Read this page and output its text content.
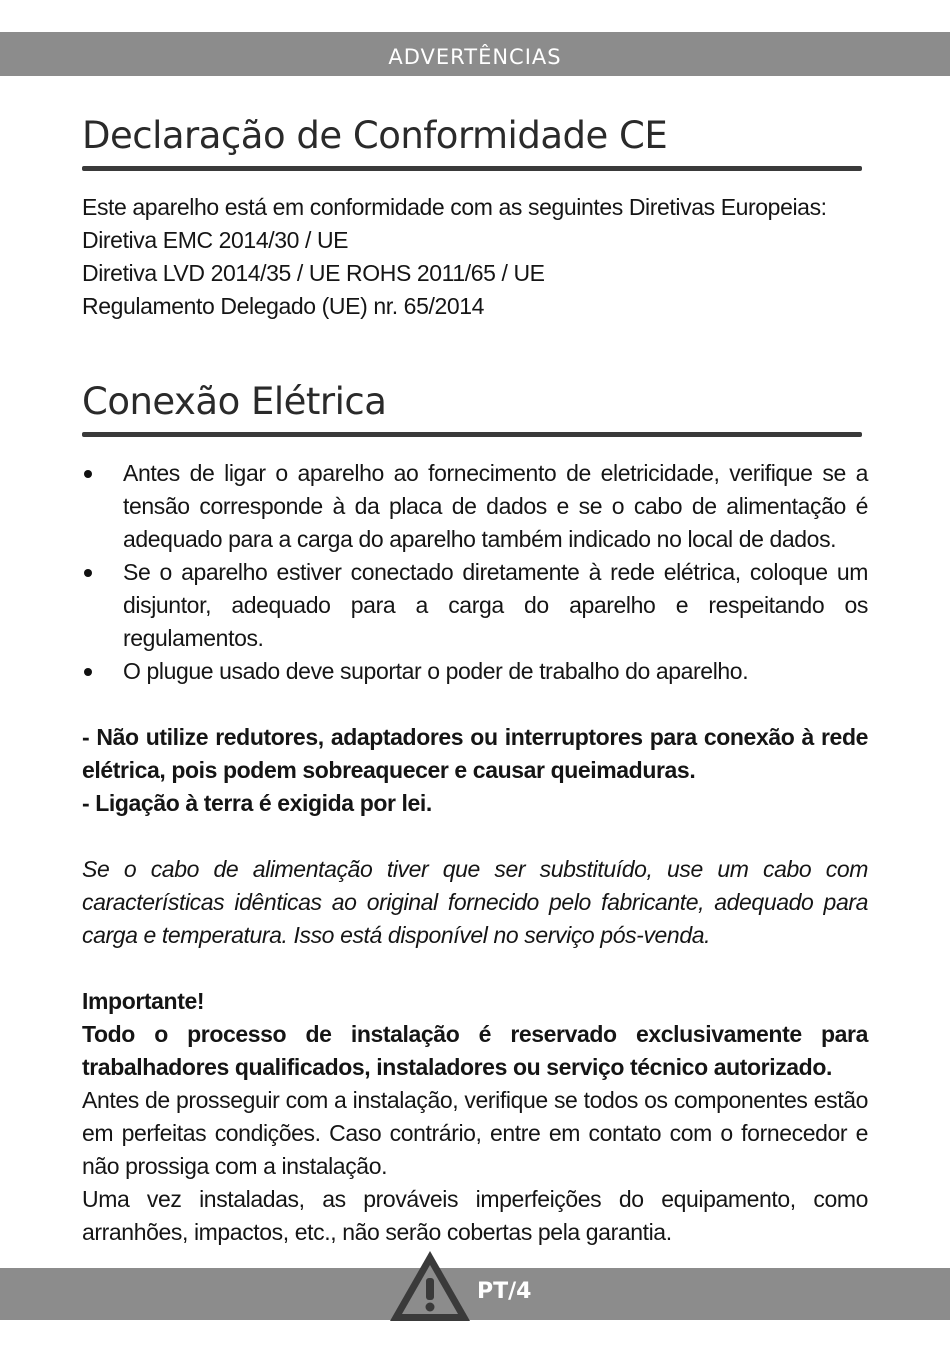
ADVERTÊNCIAS
Declaração de Conformidade CE

Este aparelho está em conformidade com as seguintes Diretivas Europeias:

Diretiva EMC 2014/30 / UE

Diretiva LVD 2014/35 / UE ROHS 2011/65 / UE

Regulamento Delegado (UE) nr. 65/2014

Conexão Elétrica
Antes de ligar o aparelho ao fornecimento de eletricidade, verifique se a tensão corresponde à da placa de dados e se o cabo de alimentação é adequado para a carga do aparelho também indicado no local de dados.
Se o aparelho estiver conectado diretamente à rede elétrica, coloque um disjuntor, adequado para a carga do aparelho e respeitando os regulamentos.
O plugue usado deve suportar o poder de trabalho do aparelho.

- Não utilize redutores, adaptadores ou interruptores para conexão à rede elétrica, pois podem sobreaquecer e causar queimaduras.

- Ligação à terra é exigida por lei.

Se o cabo de alimentação tiver que ser substituído, use um cabo com características idênticas ao original fornecido pelo fabricante, adequado para carga e temperatura. Isso está disponível no serviço pós-venda.

Importante!

Todo o processo de instalação é reservado exclusivamente para trabalhadores qualificados, instaladores ou serviço técnico autorizado.

Antes de prosseguir com a instalação, verifique se todos os componentes estão em perfeitas condições. Caso contrário, entre em contato com o fornecedor e não prossiga com a instalação.

Uma vez instaladas, as prováveis imperfeições do equipamento, como arranhões, impactos, etc., não serão cobertas pela garantia.

PT/4
